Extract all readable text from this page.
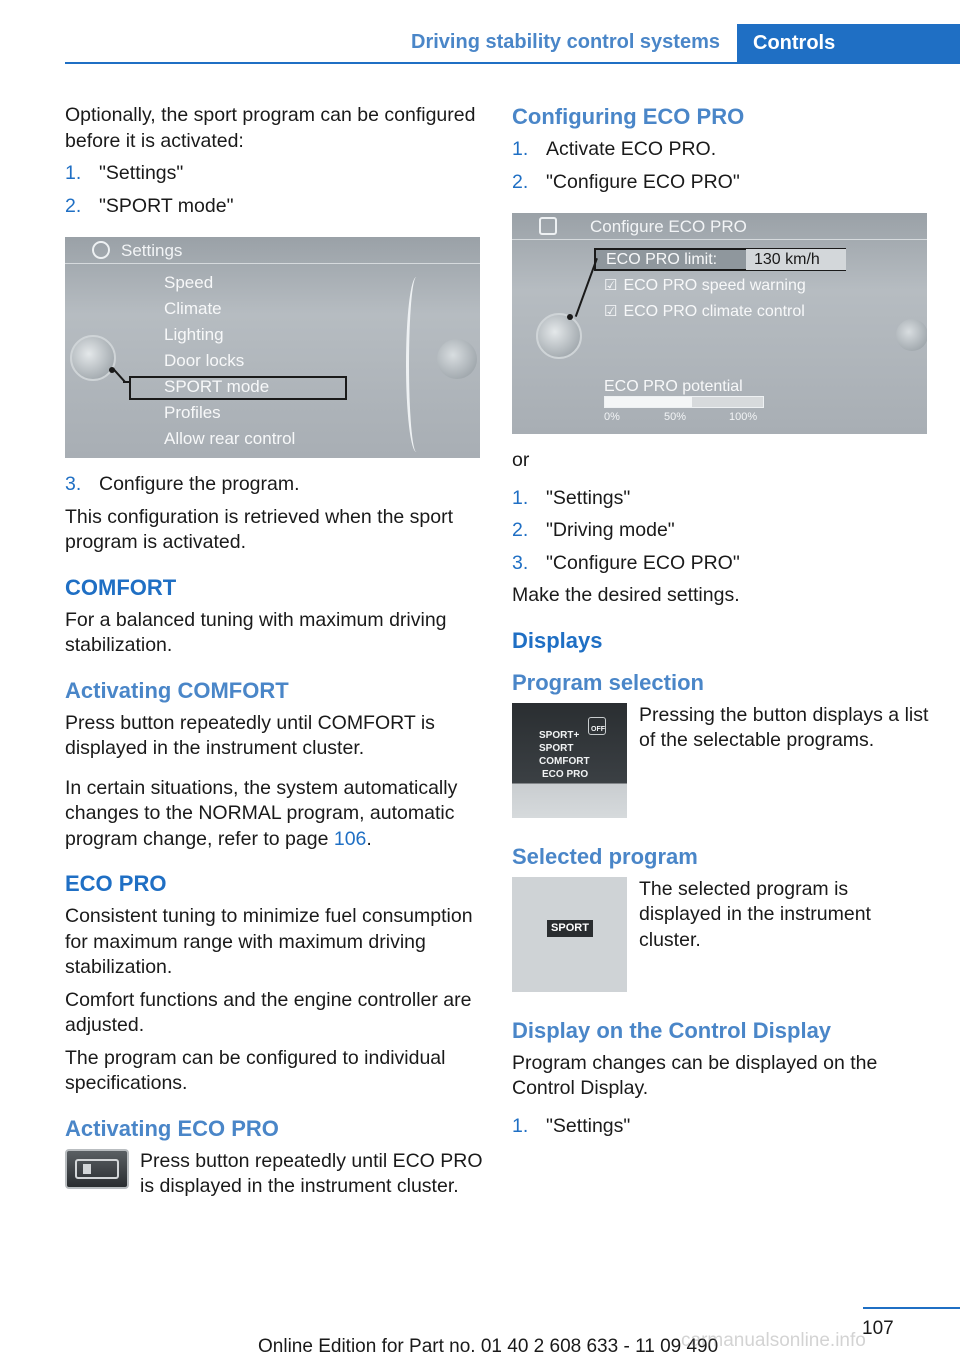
Driving stability control systems Controls

Optionally, the sport program can be configured before it is activated:

1. "Settings"
2. "SPORT mode"
Settings
Speed
Climate
Lighting
Door locks
SPORT mode
Profiles
Allow rear control
3. Configure the program.

This configuration is retrieved when the sport program is activated.

COMFORT

For a balanced tuning with maximum driving stabilization.

Activating COMFORT

Press button repeatedly until COMFORT is displayed in the instrument cluster.

In certain situations, the system automatically changes to the NORMAL program, automatic program change, refer to page 106.

ECO PRO

Consistent tuning to minimize fuel consumption for maximum range with maximum driving stabilization.

Comfort functions and the engine controller are adjusted.

The program can be configured to individual specifications.

Activating ECO PRO
Press button repeatedly until ECO PRO is displayed in the instrument cluster.
Configuring ECO PRO
1. Activate ECO PRO.
2. "Configure ECO PRO"
Configure ECO PRO
ECO PRO limit:	130 km/h
☑ ECO PRO speed warning
☑ ECO PRO climate control
ECO PRO potential
0%	50%	100%

or

1. "Settings"
2. "Driving mode"
3. "Configure ECO PRO"

Make the desired settings.

Displays
Program selection
SPORT+
SPORT
COMFORT
ECO PRO
OFF
Pressing the button displays a list of the selectable programs.
Selected program
SPORT
The selected program is displayed in the instrument cluster.
Display on the Control Display

Program changes can be displayed on the Control Display.

1. "Settings"
107
Online Edition for Part no. 01 40 2 608 633 - 11 09 490
carmanualsonline.info
